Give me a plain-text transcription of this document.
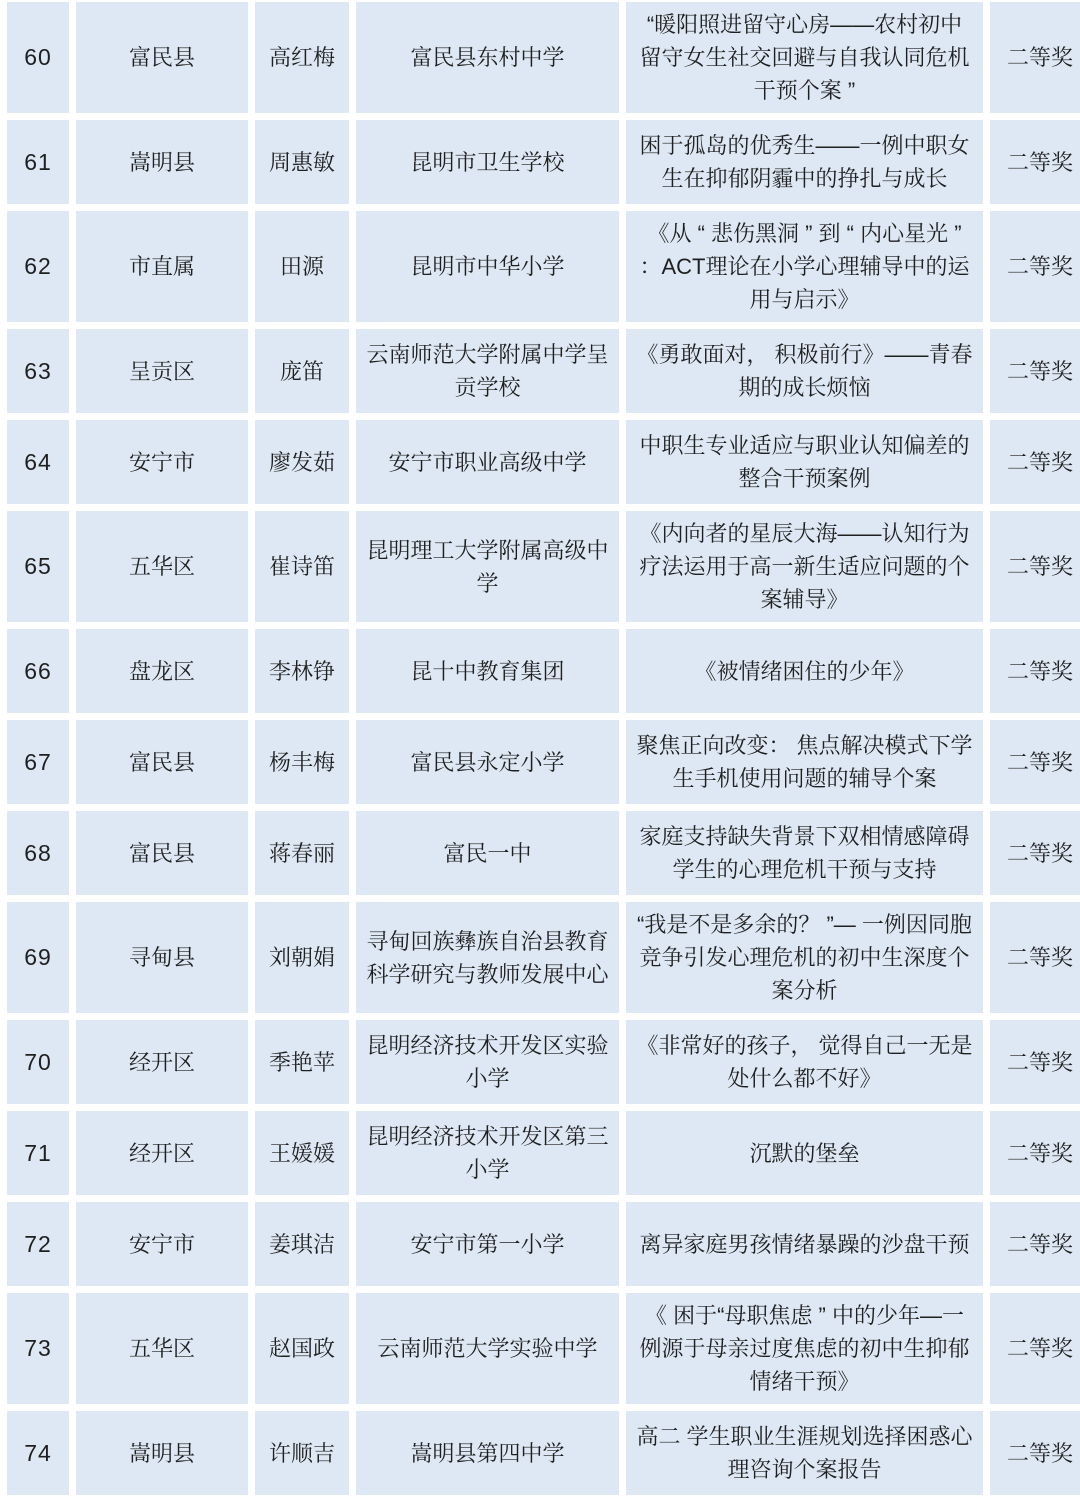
60	富民县	高红梅	富民县东村中学	“暖阳照进留守心房——农村初中留守女生社交回避与自我认同危机干预个案 ”	二等奖
61	嵩明县	周惠敏	昆明市卫生学校	困于孤岛的优秀生——一例中职女生在抑郁阴霾中的挣扎与成长	二等奖
62	市直属	田源	昆明市中华小学	《从 “ 悲伤黑洞 ” 到 “ 内心星光 ” ：ACT理论在小学心理辅导中的运用与启示》	二等奖
63	呈贡区	庞笛	云南师范大学附属中学呈贡学校	《勇敢面对， 积极前行》——青春期的成长烦恼	二等奖
64	安宁市	廖发茹	安宁市职业高级中学	中职生专业适应与职业认知偏差的整合干预案例	二等奖
65	五华区	崔诗笛	昆明理工大学附属高级中学	《内向者的星辰大海——认知行为疗法运用于高一新生适应问题的个案辅导》	二等奖
66	盘龙区	李林铮	昆十中教育集团	《被情绪困住的少年》	二等奖
67	富民县	杨丰梅	富民县永定小学	聚焦正向改变： 焦点解决模式下学生手机使用问题的辅导个案	二等奖
68	富民县	蒋春丽	富民一中	家庭支持缺失背景下双相情感障碍学生的心理危机干预与支持	二等奖
69	寻甸县	刘朝娟	寻甸回族彝族自治县教育科学研究与教师发展中心	“我是不是多余的？ ”— 一例因同胞竞争引发心理危机的初中生深度个案分析	二等奖
70	经开区	季艳苹	昆明经济技术开发区实验小学	《非常好的孩子， 觉得自己一无是处什么都不好》	二等奖
71	经开区	王媛媛	昆明经济技术开发区第三小学	沉默的堡垒	二等奖
72	安宁市	姜琪洁	安宁市第一小学	离异家庭男孩情绪暴躁的沙盘干预	二等奖
73	五华区	赵国政	云南师范大学实验中学	《 困于“母职焦虑 ” 中的少年—一例源于母亲过度焦虑的初中生抑郁情绪干预》	二等奖
74	嵩明县	许顺吉	嵩明县第四中学	高二 学生职业生涯规划选择困惑心理咨询个案报告	二等奖
